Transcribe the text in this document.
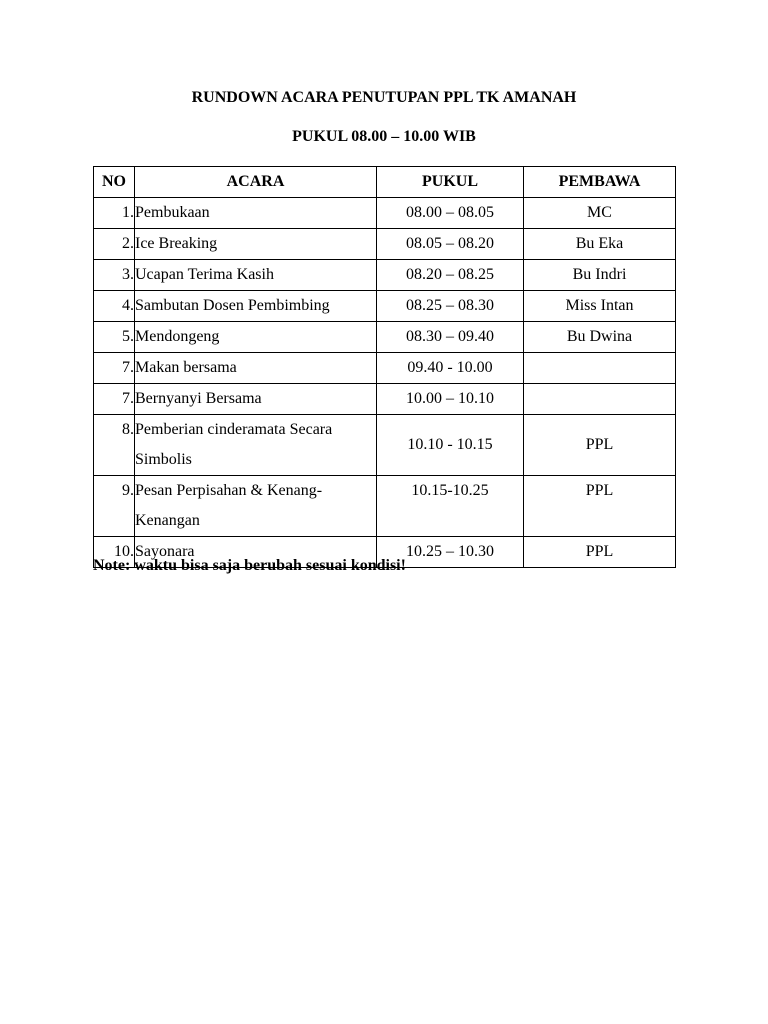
RUNDOWN ACARA PENUTUPAN PPL TK AMANAH
PUKUL 08.00 – 10.00 WIB
NO	ACARA	PUKUL	PEMBAWA
1.	Pembukaan	08.00 – 08.05	MC
2.	Ice Breaking	08.05 – 08.20	Bu Eka
3.	Ucapan Terima Kasih	08.20 – 08.25	Bu Indri
4.	Sambutan Dosen Pembimbing	08.25 – 08.30	Miss Intan
5.	Mendongeng	08.30 – 09.40	Bu Dwina
7.	Makan bersama	09.40 - 10.00	
7.	Bernyanyi Bersama	10.00 – 10.10	
8.	Pemberian cinderamata Secara Simbolis	10.10 - 10.15	PPL
9.	Pesan Perpisahan & Kenang-Kenangan	10.15-10.25	PPL
10.	Sayonara	10.25 – 10.30	PPL
Note: waktu bisa saja berubah sesuai kondisi!
